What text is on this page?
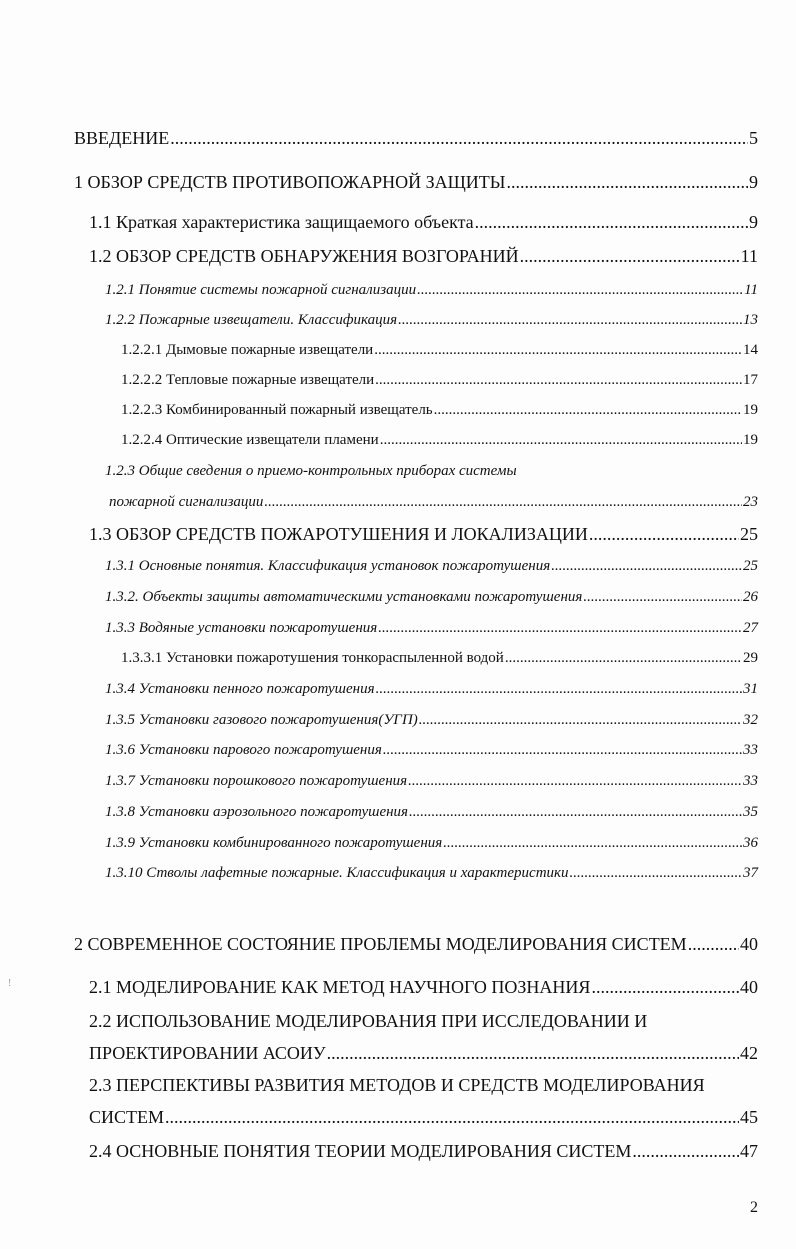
ВВЕДЕНИЕ .....	5
1 ОБЗОР СРЕДСТВ ПРОТИВОПОЖАРНОЙ ЗАЩИТЫ .....	9
1.1 Краткая характеристика защищаемого объекта .....	9
1.2 ОБЗОР СРЕДСТВ ОБНАРУЖЕНИЯ ВОЗГОРАНИЙ .....	11
1.2.1 Понятие системы пожарной сигнализации .....	11
1.2.2 Пожарные извещатели. Классификация .....	13
1.2.2.1 Дымовые пожарные извещатели .....	14
1.2.2.2 Тепловые пожарные извещатели .....	17
1.2.2.3 Комбинированный пожарный извещатель .....	19
1.2.2.4 Оптические извещатели пламени .....	19
1.2.3 Общие сведения о приемо-контрольных приборах системы
пожарной сигнализации .....	23
1.3 ОБЗОР СРЕДСТВ ПОЖАРОТУШЕНИЯ И ЛОКАЛИЗАЦИИ .....	25
1.3.1 Основные понятия. Классификация установок пожаротушения .....	25
1.3.2. Объекты защиты автоматическими установками пожаротушения .....	26
1.3.3 Водяные установки пожаротушения .....	27
1.3.3.1 Установки пожаротушения тонкораспыленной водой .....	29
1.3.4 Установки пенного пожаротушения .....	31
1.3.5 Установки газового пожаротушения(УГП) .....	32
1.3.6 Установки парового пожаротушения .....	33
1.3.7 Установки порошкового пожаротушения .....	33
1.3.8 Установки аэрозольного пожаротушения .....	35
1.3.9 Установки комбинированного пожаротушения .....	36
1.3.10 Стволы лафетные пожарные. Классификация и характеристики .....	37
2 СОВРЕМЕННОЕ СОСТОЯНИЕ ПРОБЛЕМЫ МОДЕЛИРОВАНИЯ СИСТЕМ .....	40
2.1 МОДЕЛИРОВАНИЕ КАК МЕТОД НАУЧНОГО ПОЗНАНИЯ .....	40
2.2 ИСПОЛЬЗОВАНИЕ МОДЕЛИРОВАНИЯ ПРИ ИССЛЕДОВАНИИ И
ПРОЕКТИРОВАНИИ АСОИУ .....	42
2.3 ПЕРСПЕКТИВЫ РАЗВИТИЯ МЕТОДОВ И СРЕДСТВ МОДЕЛИРОВАНИЯ
СИСТЕМ .....	45
2.4 ОСНОВНЫЕ ПОНЯТИЯ ТЕОРИИ МОДЕЛИРОВАНИЯ СИСТЕМ .....	47
!
2
